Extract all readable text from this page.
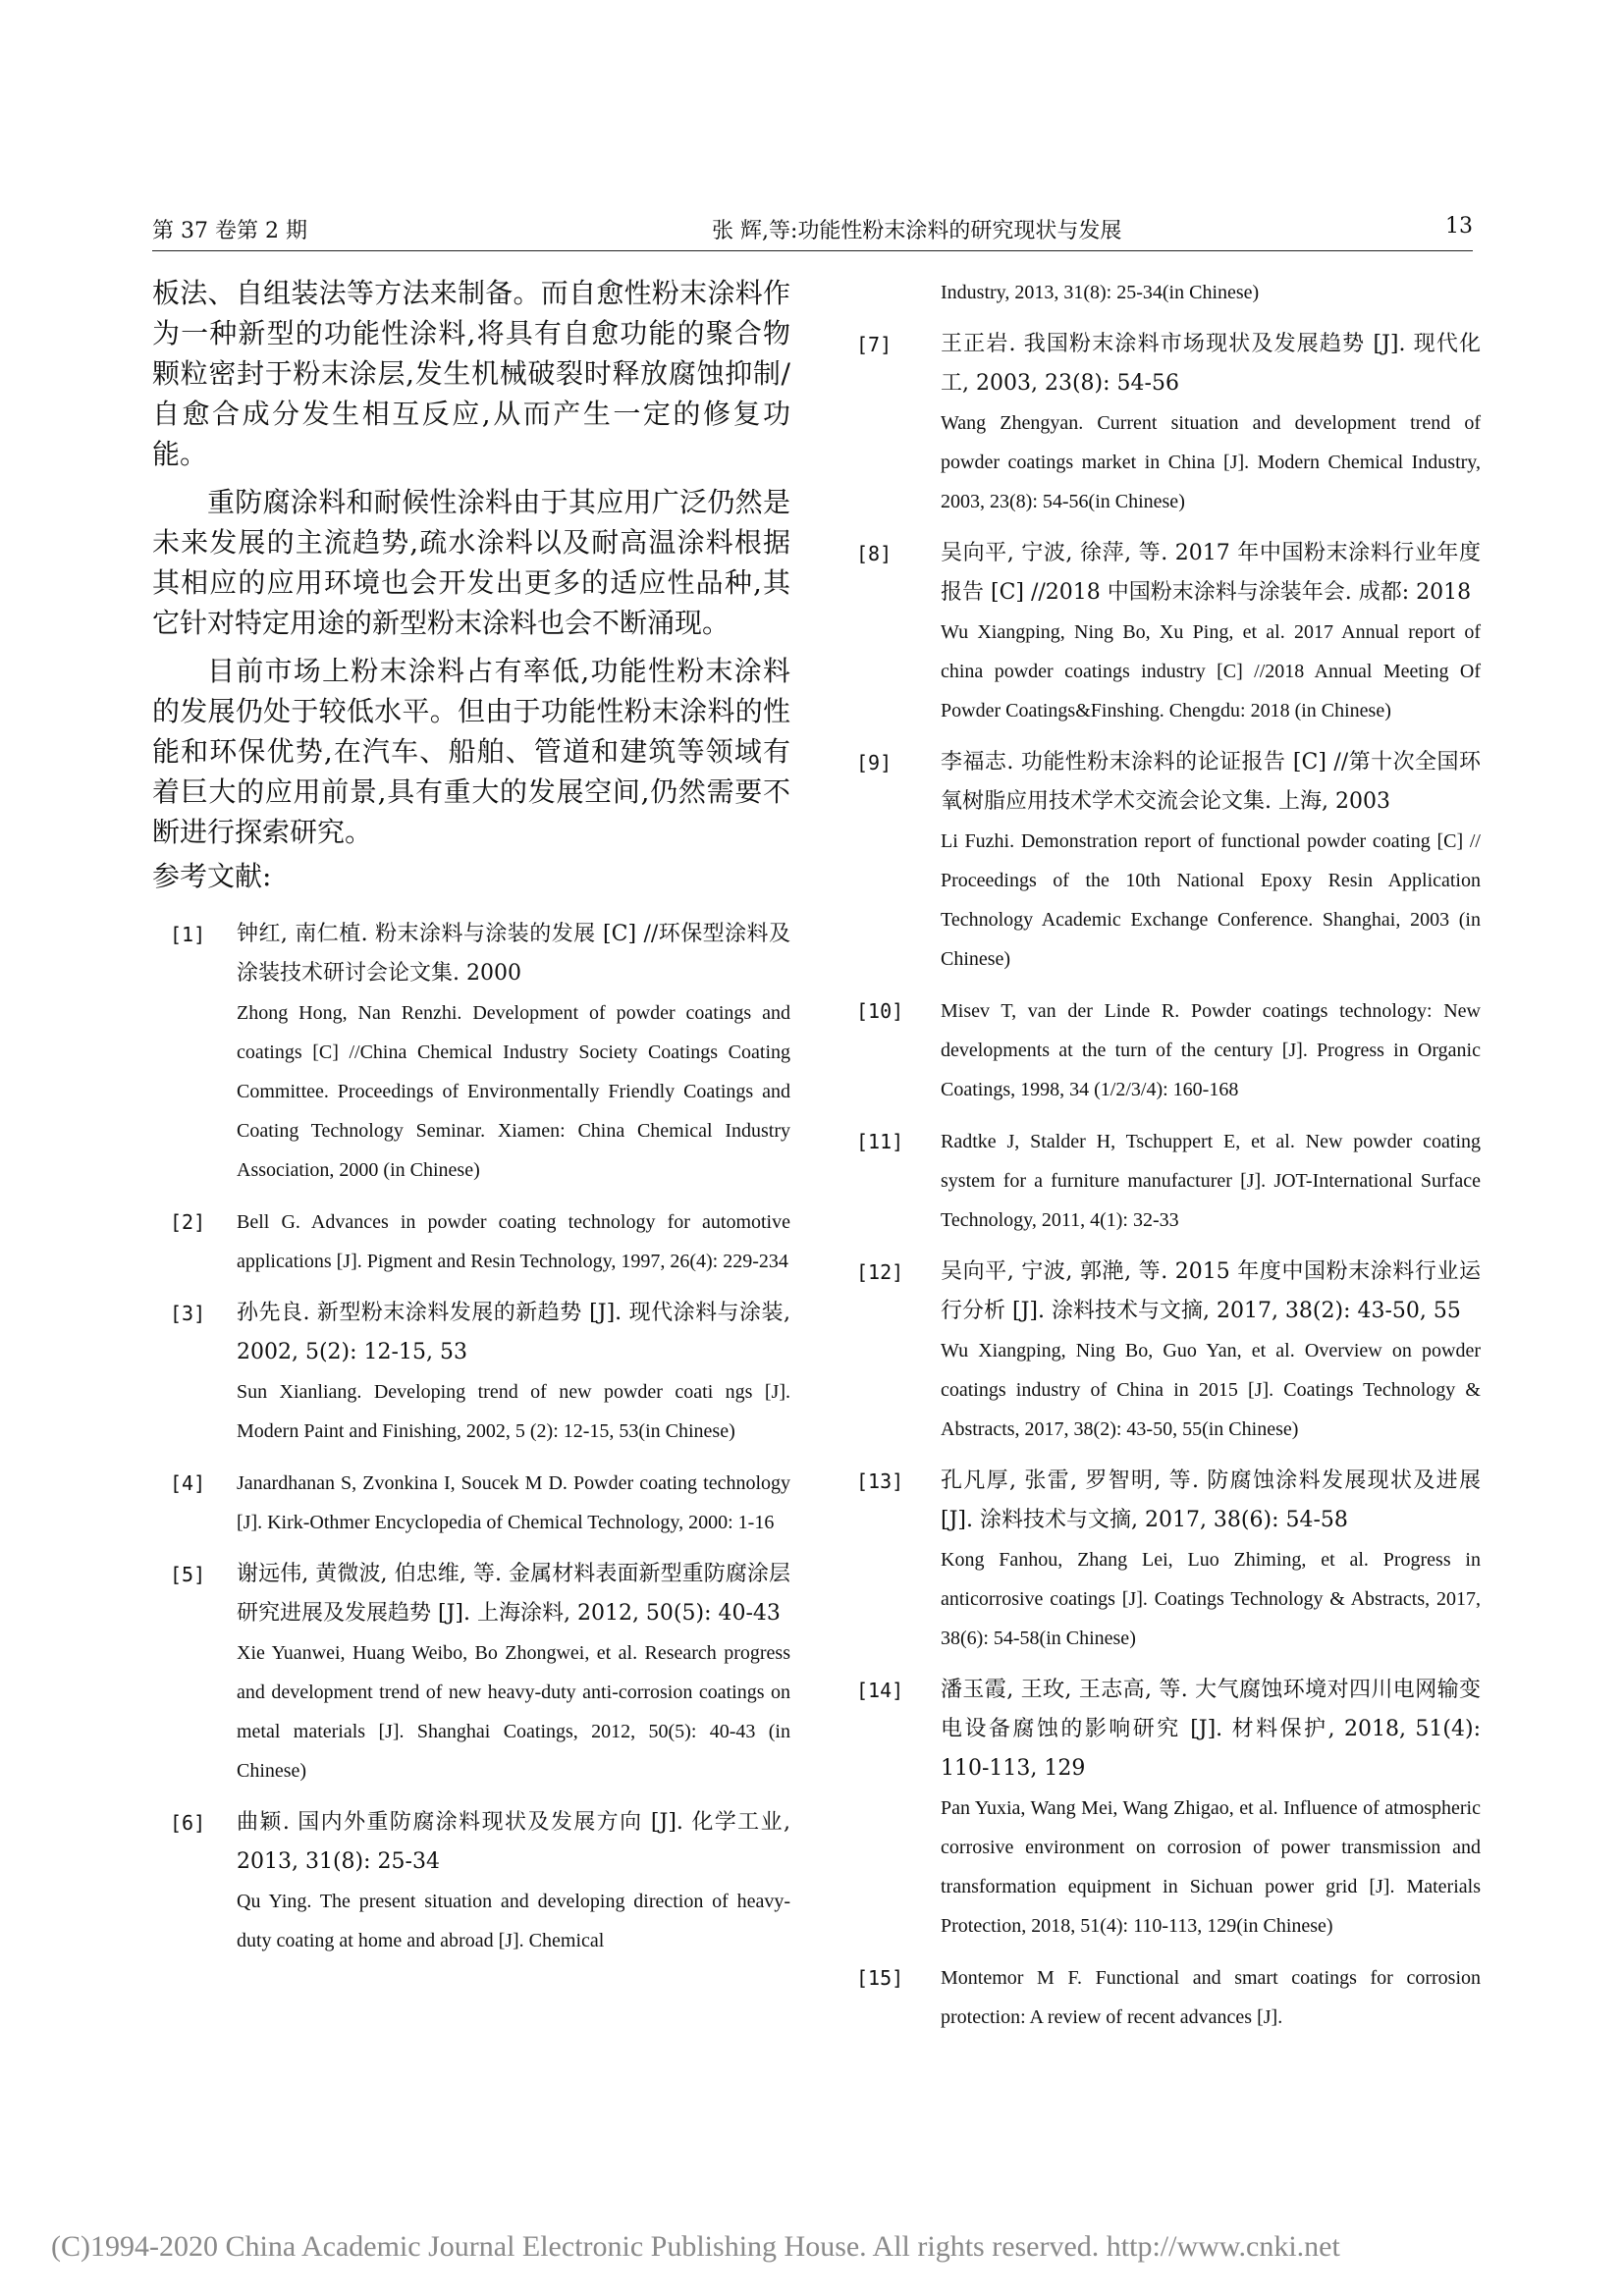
第 37 卷第 2 期	张 辉,等:功能性粉末涂料的研究现状与发展	13

板法、自组装法等方法来制备。而自愈性粉末涂料作为一种新型的功能性涂料,将具有自愈功能的聚合物颗粒密封于粉末涂层,发生机械破裂时释放腐蚀抑制/自愈合成分发生相互反应,从而产生一定的修复功能。

重防腐涂料和耐候性涂料由于其应用广泛仍然是未来发展的主流趋势,疏水涂料以及耐高温涂料根据其相应的应用环境也会开发出更多的适应性品种,其它针对特定用途的新型粉末涂料也会不断涌现。

目前市场上粉末涂料占有率低,功能性粉末涂料的发展仍处于较低水平。但由于功能性粉末涂料的性能和环保优势,在汽车、船舶、管道和建筑等领域有着巨大的应用前景,具有重大的发展空间,仍然需要不断进行探索研究。

参考文献:
[1] 钟红, 南仁植. 粉末涂料与涂装的发展 [C] //环保型涂料及涂装技术研讨会论文集. 2000
Zhong Hong, Nan Renzhi. Development of powder coatings and coatings [C] //China Chemical Industry Society Coatings Coating Committee. Proceedings of Environmentally Friendly Coatings and Coating Technology Seminar. Xiamen: China Chemical Industry Association, 2000 (in Chinese)
[2] Bell G. Advances in powder coating technology for automotive applications [J]. Pigment and Resin Technology, 1997, 26(4): 229-234
[3] 孙先良. 新型粉末涂料发展的新趋势 [J]. 现代涂料与涂装, 2002, 5(2): 12-15, 53
Sun Xianliang. Developing trend of new powder coati ngs [J]. Modern Paint and Finishing, 2002, 5 (2): 12-15, 53(in Chinese)
[4] Janardhanan S, Zvonkina I, Soucek M D. Powder coating technology [J]. Kirk-Othmer Encyclopedia of Chemical Technology, 2000: 1-16
[5] 谢远伟, 黄微波, 伯忠维, 等. 金属材料表面新型重防腐涂层研究进展及发展趋势 [J]. 上海涂料, 2012, 50(5): 40-43
Xie Yuanwei, Huang Weibo, Bo Zhongwei, et al. Research progress and development trend of new heavy-duty anti-corrosion coatings on metal materials [J]. Shanghai Coatings, 2012, 50(5): 40-43 (in Chinese)
[6] 曲颖. 国内外重防腐涂料现状及发展方向 [J]. 化学工业, 2013, 31(8): 25-34
Qu Ying. The present situation and developing direction of heavy-duty coating at home and abroad [J]. Chemical
Industry, 2013, 31(8): 25-34(in Chinese)
[7] 王正岩. 我国粉末涂料市场现状及发展趋势 [J]. 现代化工, 2003, 23(8): 54-56
Wang Zhengyan. Current situation and development trend of powder coatings market in China [J]. Modern Chemical Industry, 2003, 23(8): 54-56(in Chinese)
[8] 吴向平, 宁波, 徐萍, 等. 2017 年中国粉末涂料行业年度报告 [C] //2018 中国粉末涂料与涂装年会. 成都: 2018
Wu Xiangping, Ning Bo, Xu Ping, et al. 2017 Annual report of china powder coatings industry [C] //2018 Annual Meeting Of Powder Coatings&Finshing. Chengdu: 2018 (in Chinese)
[9] 李福志. 功能性粉末涂料的论证报告 [C] //第十次全国环氧树脂应用技术学术交流会论文集. 上海, 2003
Li Fuzhi. Demonstration report of functional powder coating [C] // Proceedings of the 10th National Epoxy Resin Application Technology Academic Exchange Conference. Shanghai, 2003 (in Chinese)
[10] Misev T, van der Linde R. Powder coatings technology: New developments at the turn of the century [J]. Progress in Organic Coatings, 1998, 34 (1/2/3/4): 160-168
[11] Radtke J, Stalder H, Tschuppert E, et al. New powder coating system for a furniture manufacturer [J]. JOT-International Surface Technology, 2011, 4(1): 32-33
[12] 吴向平, 宁波, 郭滟, 等. 2015 年度中国粉末涂料行业运行分析 [J]. 涂料技术与文摘, 2017, 38(2): 43-50, 55
Wu Xiangping, Ning Bo, Guo Yan, et al. Overview on powder coatings industry of China in 2015 [J]. Coatings Technology & Abstracts, 2017, 38(2): 43-50, 55(in Chinese)
[13] 孔凡厚, 张雷, 罗智明, 等. 防腐蚀涂料发展现状及进展 [J]. 涂料技术与文摘, 2017, 38(6): 54-58
Kong Fanhou, Zhang Lei, Luo Zhiming, et al. Progress in anticorrosive coatings [J]. Coatings Technology & Abstracts, 2017, 38(6): 54-58(in Chinese)
[14] 潘玉霞, 王玫, 王志高, 等. 大气腐蚀环境对四川电网输变电设备腐蚀的影响研究 [J]. 材料保护, 2018, 51(4): 110-113, 129
Pan Yuxia, Wang Mei, Wang Zhigao, et al. Influence of atmospheric corrosive environment on corrosion of power transmission and transformation equipment in Sichuan power grid [J]. Materials Protection, 2018, 51(4): 110-113, 129(in Chinese)
[15] Montemor M F. Functional and smart coatings for corrosion protection: A review of recent advances [J].
(C)1994-2020 China Academic Journal Electronic Publishing House. All rights reserved. http://www.cnki.net
